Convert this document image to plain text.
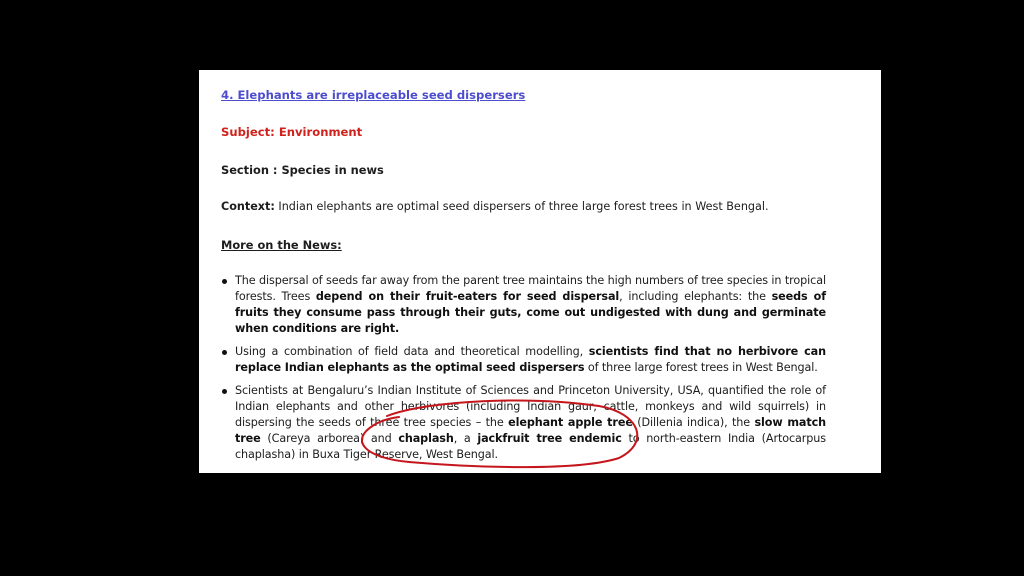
4. Elephants are irreplaceable seed dispersers

Subject: Environment

Section : Species in news

Context: Indian elephants are optimal seed dispersers of three large forest trees in West Bengal.

More on the News:

The dispersal of seeds far away from the parent tree maintains the high numbers of tree species in tropical forests. Trees depend on their fruit-eaters for seed dispersal, including elephants: the seeds of fruits they consume pass through their guts, come out undigested with dung and germinate when conditions are right.
Using a combination of field data and theoretical modelling, scientists find that no herbivore can replace Indian elephants as the optimal seed dispersers of three large forest trees in West Bengal.
Scientists at Bengaluru’s Indian Institute of Sciences and Princeton University, USA, quantified the role of Indian elephants and other herbivores (including Indian gaur, cattle, monkeys and wild squirrels) in dispersing the seeds of three tree species – the elephant apple tree (Dillenia indica), the slow match tree (Careya arborea) and chaplash, a jackfruit tree endemic to north-eastern India (Artocarpus chaplasha) in Buxa Tiger Reserve, West Bengal.
